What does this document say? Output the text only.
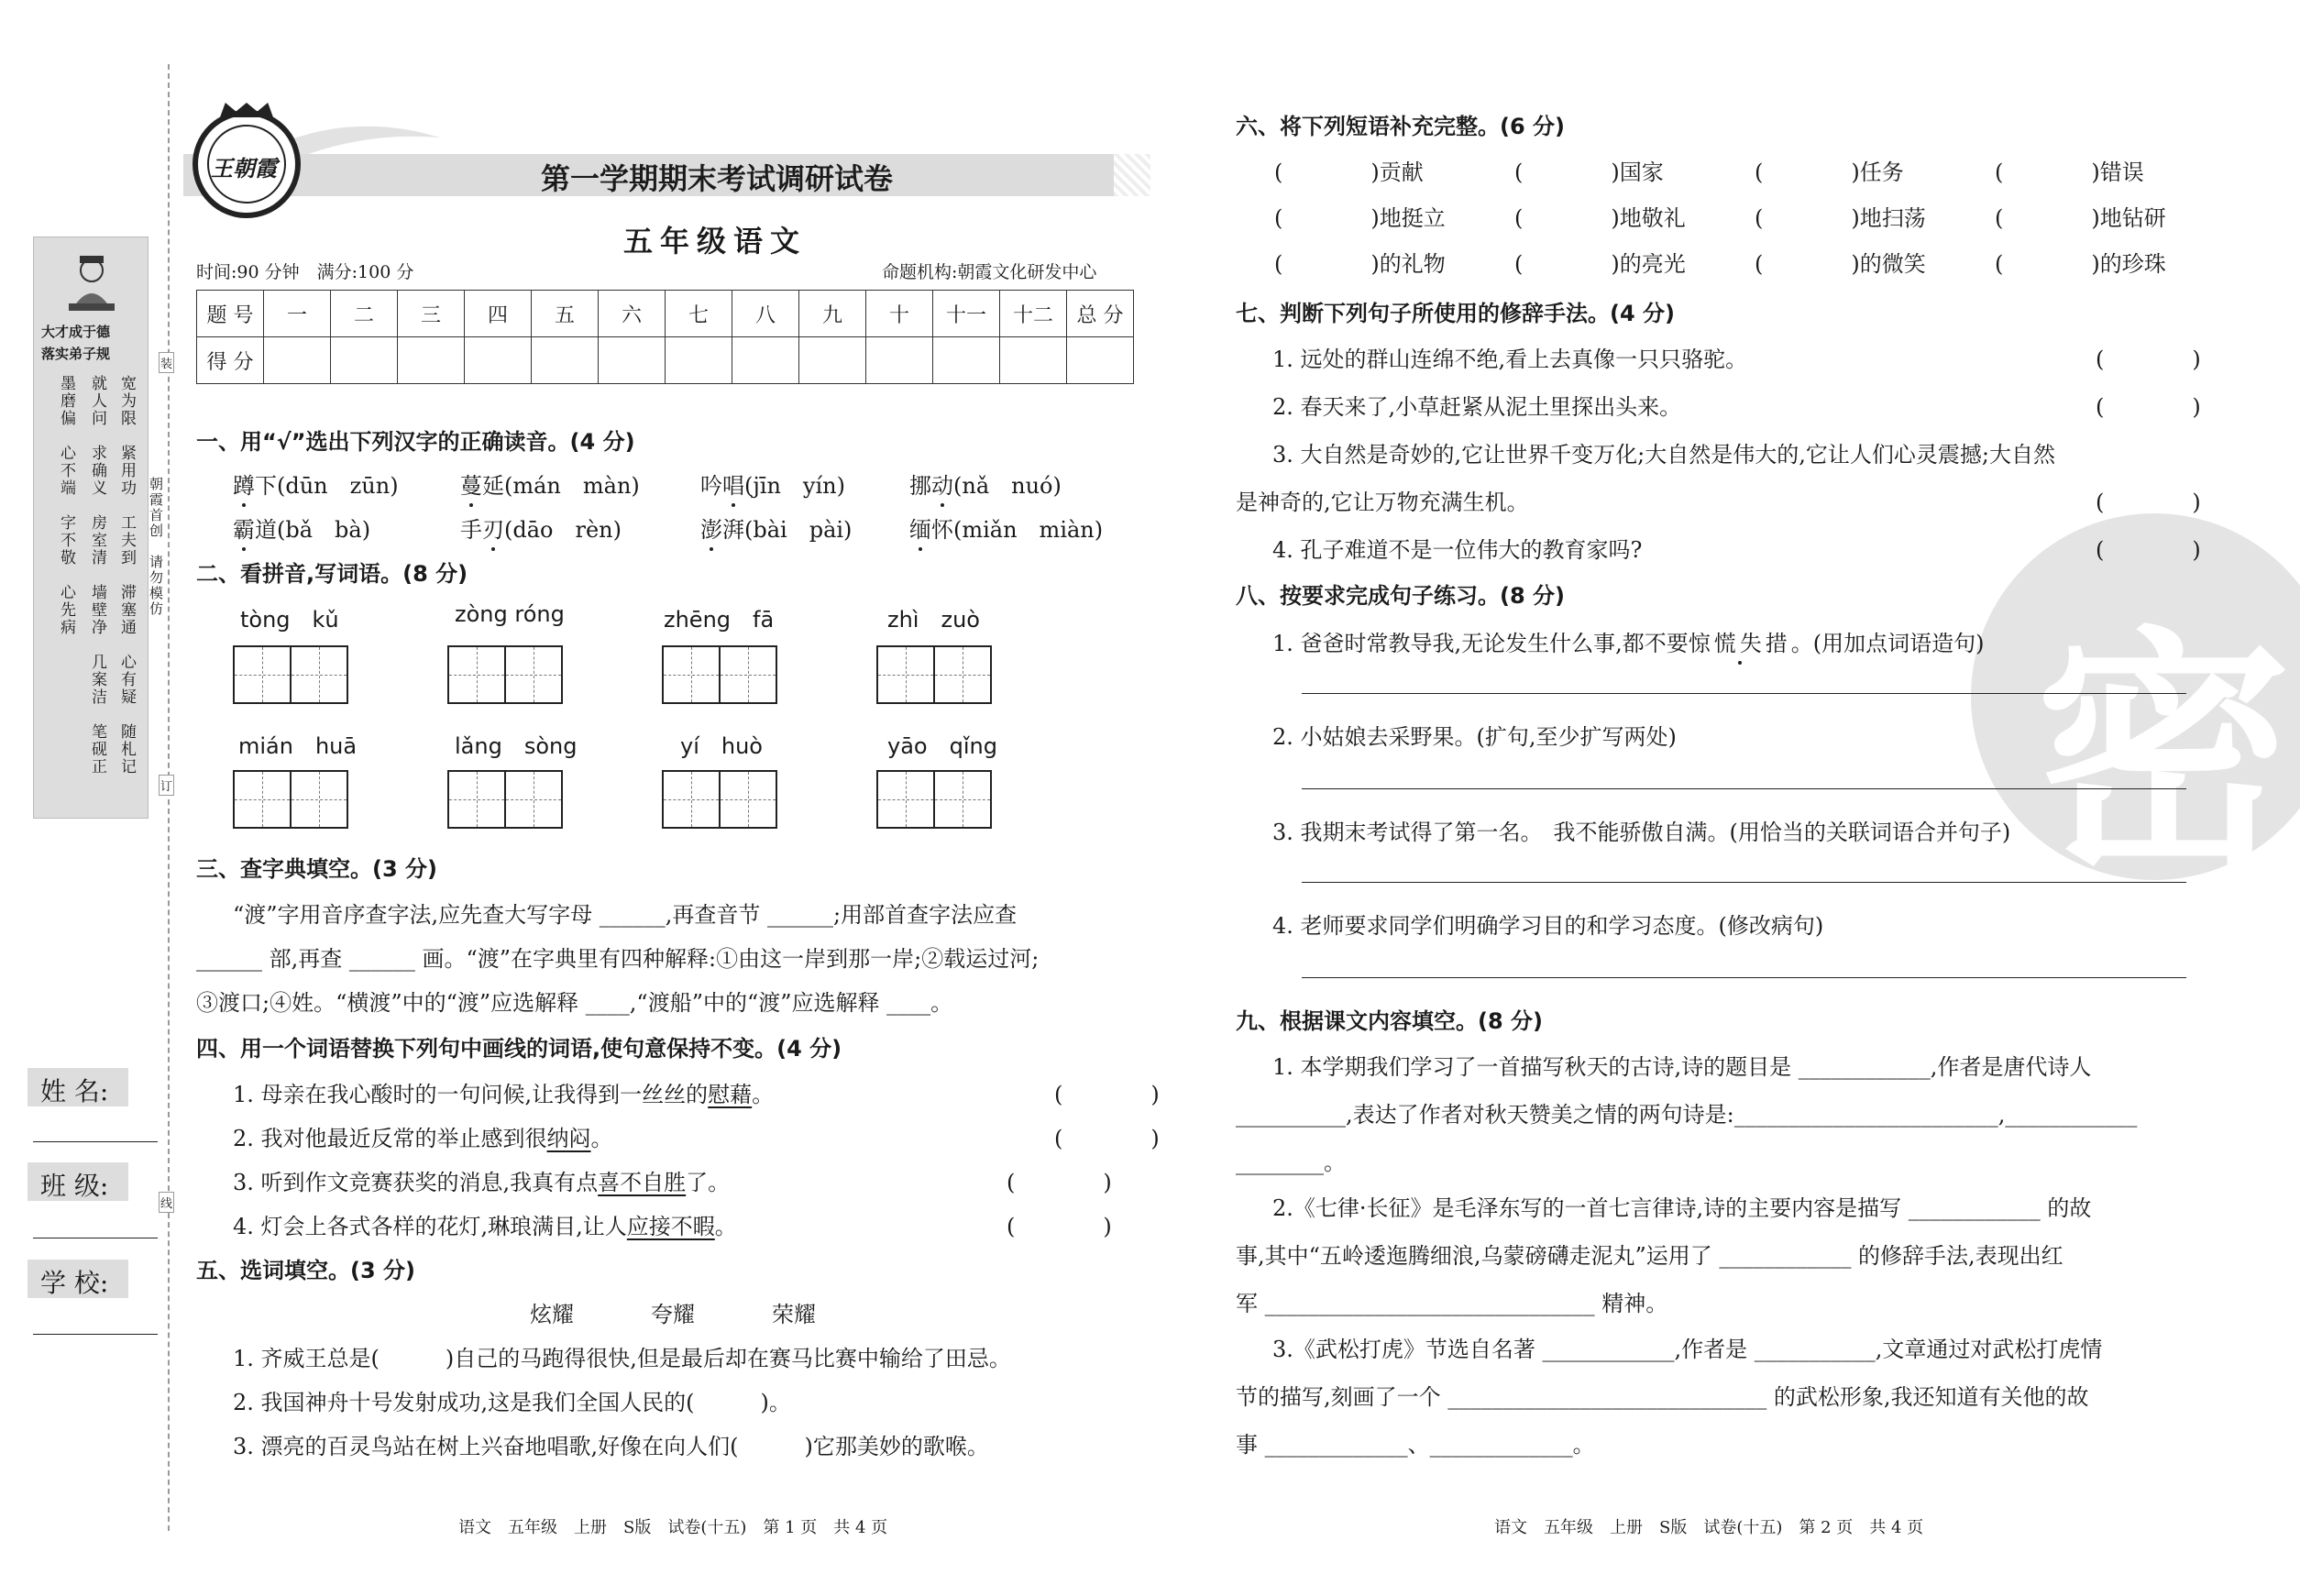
大才成于德
落实弟子规
宽为限　紧用功　工夫到　滞塞通　心有疑　随札记
就人问　求确义　房室清　墙壁净　几案洁　笔砚正
墨磨偏　心不端　字不敬　心先病	朝霞首创　请勿模仿
装
订
线
姓 名:
班 级:
学 校:
王朝霞	第一学期期末考试调研试卷
五年级语文
时间:90 分钟　满分:100 分	命题机构:朝霞文化研发中心
题 号	一	二	三	四	五	六	七	八	九	十	十一	十二	总 分
得 分													
一、用“√”选出下列汉字的正确读音。(4 分)
蹲下(dūn　zūn)	蔓延(mán　màn)	吟唱(jīn　yín)	挪动(nǎ　nuó)
霸道(bǎ　bà)	手刃(dāo　rèn)	澎湃(bài　pài)	缅怀(miǎn　miàn)
二、看拼音,写词语。(8 分)
tòng　kǔ	zòng róng	zhēng　fā	zhì　zuò
mián　huā	lǎng　sòng	yí　huò	yāo　qǐng
三、查字典填空。(3 分)
“渡”字用音序查字法,应先查大写字母 ______,再查音节 ______;用部首查字法应查
______ 部,再查 ______ 画。“渡”在字典里有四种解释:①由这一岸到那一岸;②载运过河;
③渡口;④姓。“横渡”中的“渡”应选解释 ____,“渡船”中的“渡”应选解释 ____。
四、用一个词语替换下列句中画线的词语,使句意保持不变。(4 分)
1. 母亲在我心酸时的一句问候,让我得到一丝丝的慰藉。	(　　　　)
2. 我对他最近反常的举止感到很纳闷。	(　　　　)
3. 听到作文竞赛获奖的消息,我真有点喜不自胜了。	(　　　　)
4. 灯会上各式各样的花灯,琳琅满目,让人应接不暇。	(　　　　)
五、选词填空。(3 分)
炫耀	夸耀	荣耀
1. 齐威王总是(　　　)自己的马跑得很快,但是最后却在赛马比赛中输给了田忌。
2. 我国神舟十号发射成功,这是我们全国人民的(　　　)。
3. 漂亮的百灵鸟站在树上兴奋地唱歌,好像在向人们(　　　)它那美妙的歌喉。
语文　五年级　上册　S版　试卷(十五)　第 1 页　共 4 页
密
六、将下列短语补充完整。(6 分)
(　　　　)贡献	(　　　　)国家	(　　　　)任务	(　　　　)错误
(　　　　)地挺立	(　　　　)地敬礼	(　　　　)地扫荡	(　　　　)地钻研
(　　　　)的礼物	(　　　　)的亮光	(　　　　)的微笑	(　　　　)的珍珠
七、判断下列句子所使用的修辞手法。(4 分)
1. 远处的群山连绵不绝,看上去真像一只只骆驼。	(　　　　)
2. 春天来了,小草赶紧从泥土里探出头来。	(　　　　)
3. 大自然是奇妙的,它让世界千变万化;大自然是伟大的,它让人们心灵震撼;大自然
是神奇的,它让万物充满生机。	(　　　　)
4. 孔子难道不是一位伟大的教育家吗?	(　　　　)
八、按要求完成句子练习。(8 分)
1. 爸爸时常教导我,无论发生什么事,都不要惊慌失措。(用加点词语造句)
2. 小姑娘去采野果。(扩句,至少扩写两处)
3. 我期末考试得了第一名。　我不能骄傲自满。(用恰当的关联词语合并句子)
4. 老师要求同学们明确学习目的和学习态度。(修改病句)
九、根据课文内容填空。(8 分)
1. 本学期我们学习了一首描写秋天的古诗,诗的题目是 ____________,作者是唐代诗人
__________,表达了作者对秋天赞美之情的两句诗是:________________________,____________
________。
2.《七律·长征》是毛泽东写的一首七言律诗,诗的主要内容是描写 ____________ 的故
事,其中“五岭逶迤腾细浪,乌蒙磅礴走泥丸”运用了 ____________ 的修辞手法,表现出红
军 ______________________________ 精神。
3.《武松打虎》节选自名著 ____________,作者是 ___________,文章通过对武松打虎情
节的描写,刻画了一个 _____________________________ 的武松形象,我还知道有关他的故
事 _____________、_____________。
语文　五年级　上册　S版　试卷(十五)　第 2 页　共 4 页
